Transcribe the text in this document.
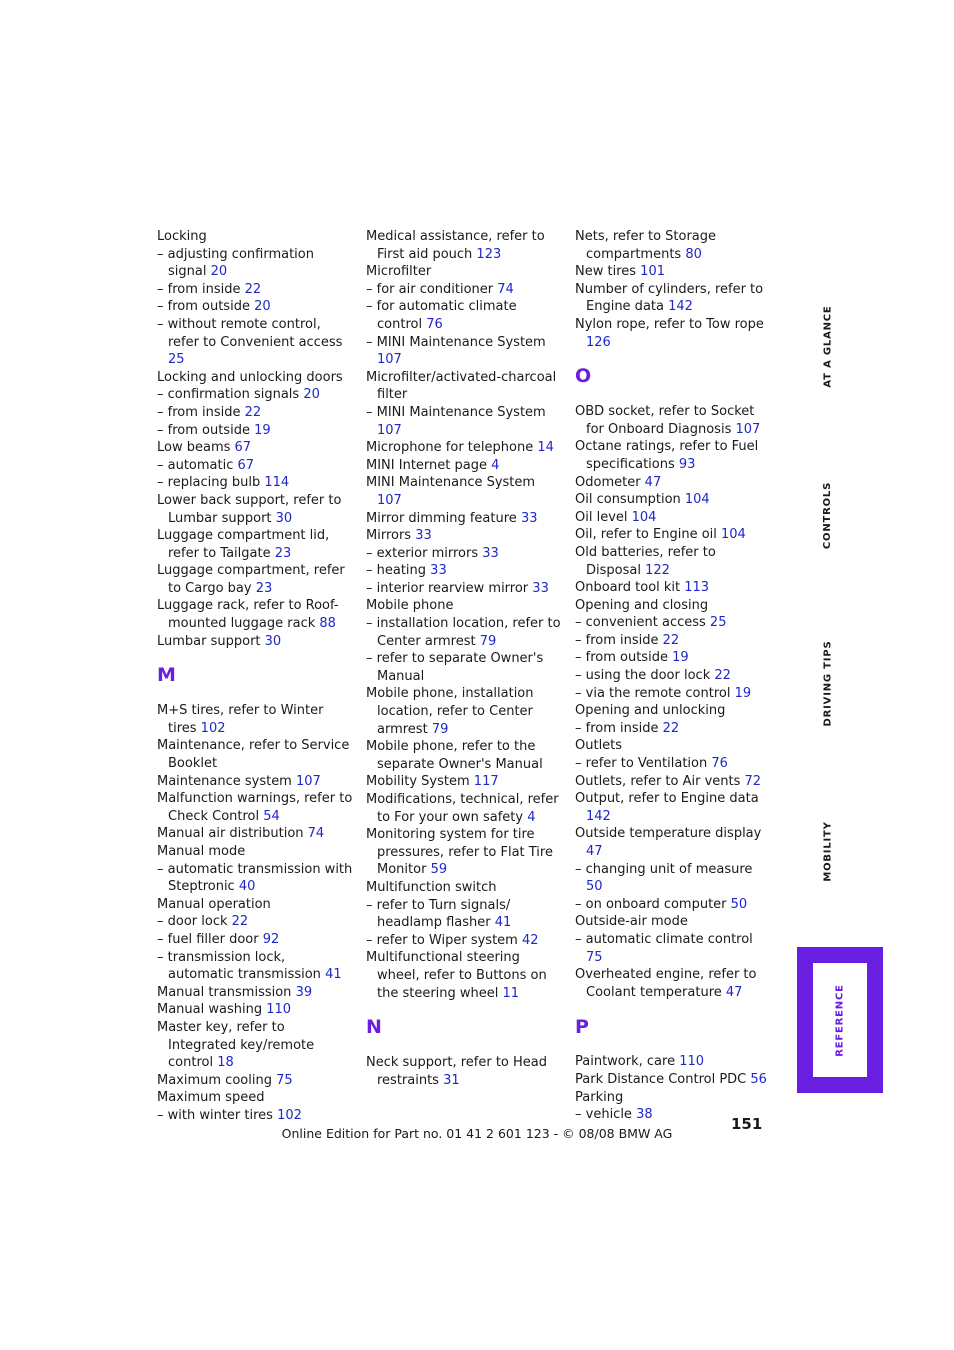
Locking
– adjusting confirmation signal 20
– from inside 22
– from outside 20
– without remote control, refer to Convenient access 25
Locking and unlocking doors
– confirmation signals 20
– from inside 22
– from outside 19
Low beams 67
– automatic 67
– replacing bulb 114
Lower back support, refer to Lumbar support 30
Luggage compartment lid, refer to Tailgate 23
Luggage compartment, refer to Cargo bay 23
Luggage rack, refer to Roof-mounted luggage rack 88
Lumbar support 30
M
M+S tires, refer to Winter tires 102
Maintenance, refer to Service Booklet
Maintenance system 107
Malfunction warnings, refer to Check Control 54
Manual air distribution 74
Manual mode
– automatic transmission with Steptronic 40
Manual operation
– door lock 22
– fuel filler door 92
– transmission lock, automatic transmission 41
Manual transmission 39
Manual washing 110
Master key, refer to Integrated key/remote control 18
Maximum cooling 75
Maximum speed
– with winter tires 102
Medical assistance, refer to First aid pouch 123
Microfilter
– for air conditioner 74
– for automatic climate control 76
– MINI Maintenance System 107
Microfilter/activated-charcoal filter
– MINI Maintenance System 107
Microphone for telephone 14
MINI Internet page 4
MINI Maintenance System 107
Mirror dimming feature 33
Mirrors 33
– exterior mirrors 33
– heating 33
– interior rearview mirror 33
Mobile phone
– installation location, refer to Center armrest 79
– refer to separate Owner's Manual
Mobile phone, installation location, refer to Center armrest 79
Mobile phone, refer to the separate Owner's Manual
Mobility System 117
Modifications, technical, refer to For your own safety 4
Monitoring system for tire pressures, refer to Flat Tire Monitor 59
Multifunction switch
– refer to Turn signals/ headlamp flasher 41
– refer to Wiper system 42
Multifunctional steering wheel, refer to Buttons on the steering wheel 11
N
Neck support, refer to Head restraints 31
Nets, refer to Storage compartments 80
New tires 101
Number of cylinders, refer to Engine data 142
Nylon rope, refer to Tow rope 126
O
OBD socket, refer to Socket for Onboard Diagnosis 107
Octane ratings, refer to Fuel specifications 93
Odometer 47
Oil consumption 104
Oil level 104
Oil, refer to Engine oil 104
Old batteries, refer to Disposal 122
Onboard tool kit 113
Opening and closing
– convenient access 25
– from inside 22
– from outside 19
– using the door lock 22
– via the remote control 19
Opening and unlocking
– from inside 22
Outlets
– refer to Ventilation 76
Outlets, refer to Air vents 72
Output, refer to Engine data 142
Outside temperature display 47
– changing unit of measure 50
– on onboard computer 50
Outside-air mode
– automatic climate control 75
Overheated engine, refer to Coolant temperature 47
P
Paintwork, care 110
Park Distance Control PDC 56
Parking
– vehicle 38
AT A GLANCE
CONTROLS
DRIVING TIPS
MOBILITY
REFERENCE
151
Online Edition for Part no. 01 41 2 601 123 - © 08/08 BMW AG
